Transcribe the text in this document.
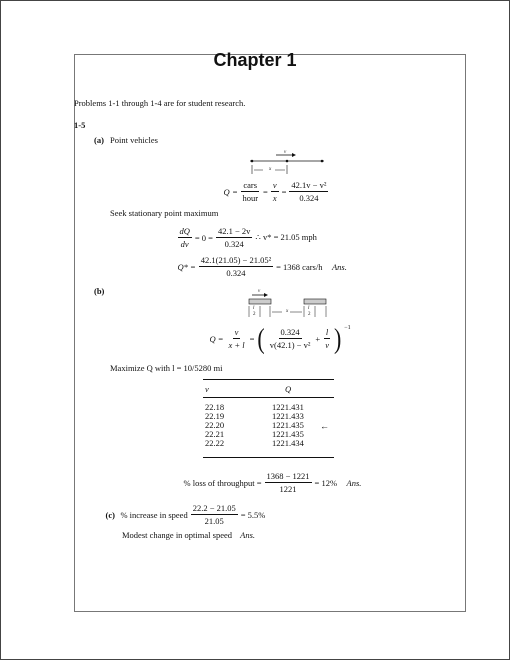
Chapter 1
Problems 1-1 through 1-4 are for student research.
1-5
(a) Point vehicles
v
x
$Q = \frac{\text{cars}}{\text{hour}} = \frac{v}{x} = \frac{\text{42.1v − v²}}{0.324}$
Seek stationary point maximum
$\frac{dQ}{dv} = 0 = \frac{42.1 - 2v}{0.324}$ ∴ v* = 21.05 mph
$Q* = \frac{\text{42.1(21.05) − 21.05²}}{0.324} = 1368$ cars/h Ans.
(b)	v
x
l
2
l
2
$Q = \frac{v}{x + l}$ = ( $\frac{0.324}{\text{v(42.1) − v²}} + \frac{l}{v}$ ) −1
Maximize Q with l = 10/5280 mi
v	Q
22.18
22.19
22.20
22.21
22.22
1221.431
1221.433
1221.435
1221.435
1221.434
←
% loss of throughput = $\frac{1368 - 1221}{1221} = 12\%$ Ans.
(c) % increase in speed $\frac{22.2 - 21.05}{21.05} = 5.5\%$
Modest change in optimal speed Ans.
